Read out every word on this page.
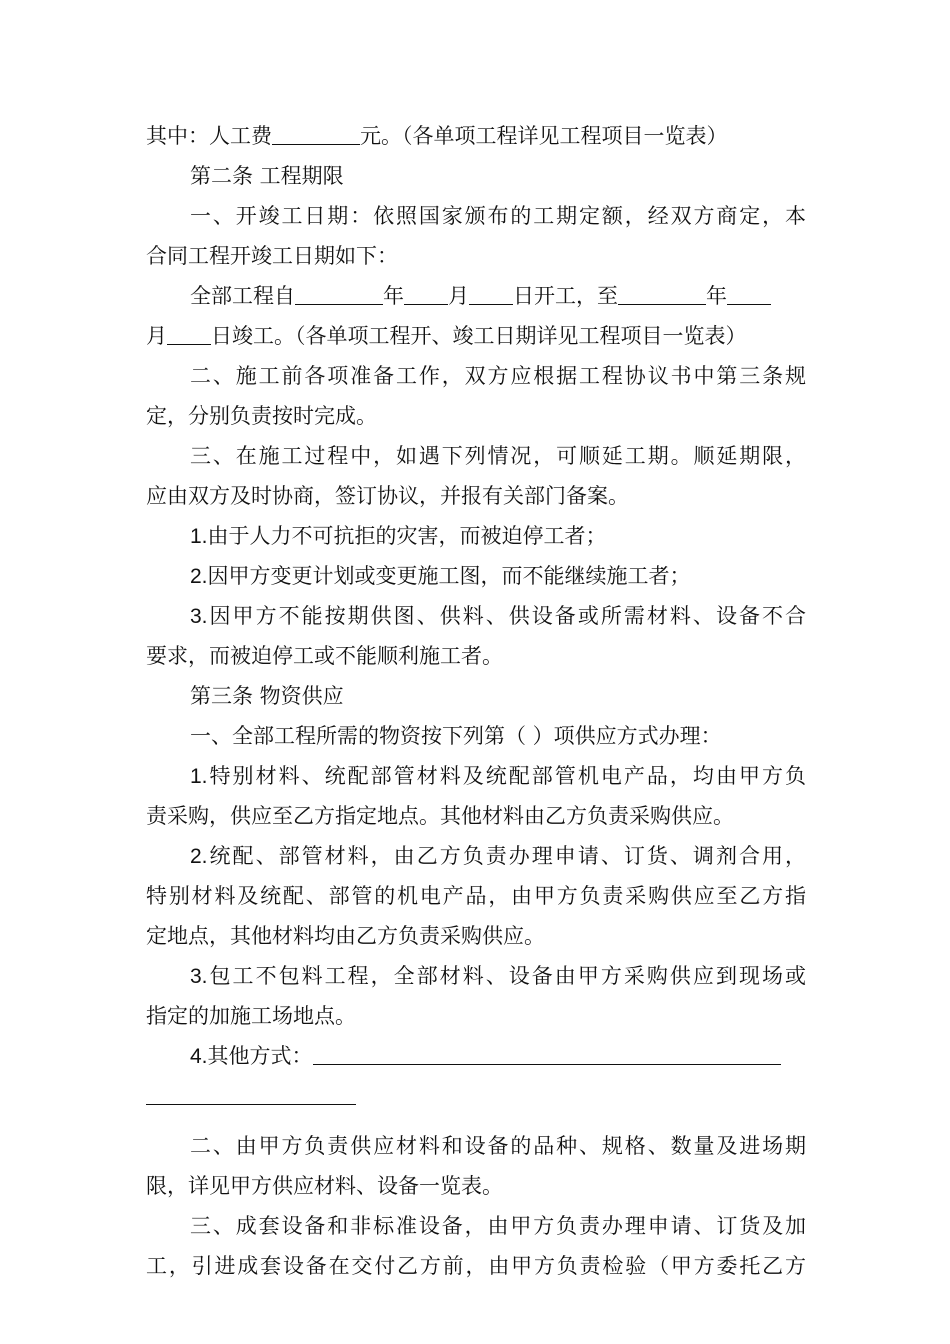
其中：人工费	元。（各单项工程详见工程项目一览表）
第二条 工程期限
一、开竣工日期：依照国家颁布的工期定额，经双方商定，本
合同工程开竣工日期如下：
全部工程自	年 月 日开工，至	年
月 日竣工。（各单项工程开、竣工日期详见工程项目一览表）
二、施工前各项准备工作，双方应根据工程协议书中第三条规
定，分别负责按时完成。
三、在施工过程中，如遇下列情况，可顺延工期。顺延期限，
应由双方及时协商，签订协议，并报有关部门备案。
1.由于人力不可抗拒的灾害，而被迫停工者；
2.因甲方变更计划或变更施工图，而不能继续施工者；
3.因甲方不能按期供图、供料、供设备或所需材料、设备不合
要求，而被迫停工或不能顺利施工者。
第三条 物资供应
一、全部工程所需的物资按下列第（ ）项供应方式办理：
1.特别材料、统配部管材料及统配部管机电产品，均由甲方负
责采购，供应至乙方指定地点。其他材料由乙方负责采购供应。
2.统配、部管材料，由乙方负责办理申请、订货、调剂合用，
特别材料及统配、部管的机电产品，由甲方负责采购供应至乙方指
定地点，其他材料均由乙方负责采购供应。
3.包工不包料工程，全部材料、设备由甲方采购供应到现场或
指定的加施工场地点。
4.其他方式：
二、由甲方负责供应材料和设备的品种、规格、数量及进场期
限，详见甲方供应材料、设备一览表。
三、成套设备和非标准设备，由甲方负责办理申请、订货及加
工，引进成套设备在交付乙方前，由甲方负责检验（甲方委托乙方
